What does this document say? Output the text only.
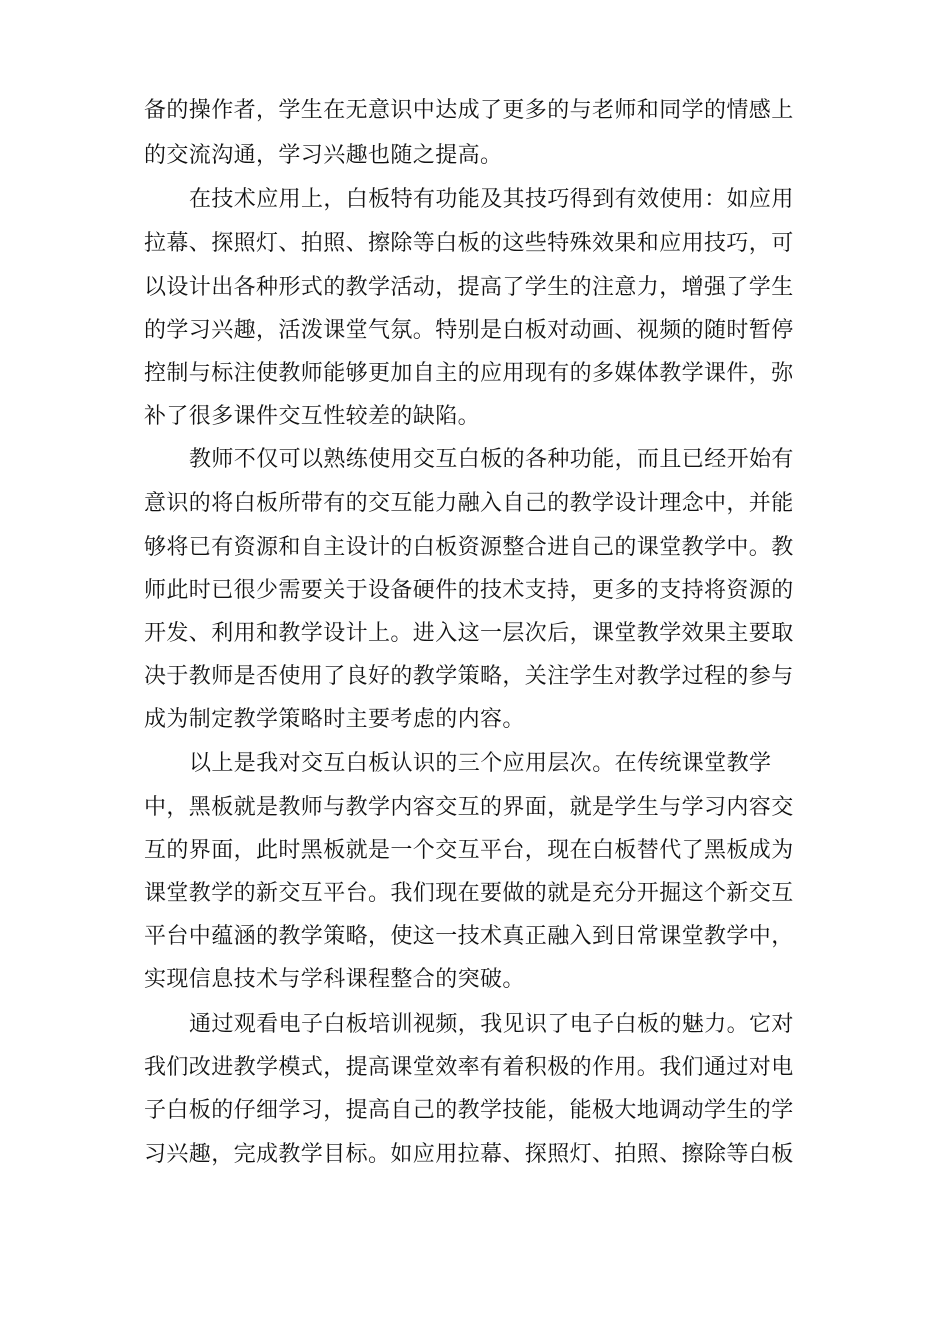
备的操作者，学生在无意识中达成了更多的与老师和同学的情感上
的交流沟通，学习兴趣也随之提高。
在技术应用上，白板特有功能及其技巧得到有效使用：如应用
拉幕、探照灯、拍照、擦除等白板的这些特殊效果和应用技巧，可
以设计出各种形式的教学活动，提高了学生的注意力，增强了学生
的学习兴趣，活泼课堂气氛。特别是白板对动画、视频的随时暂停
控制与标注使教师能够更加自主的应用现有的多媒体教学课件，弥
补了很多课件交互性较差的缺陷。
教师不仅可以熟练使用交互白板的各种功能，而且已经开始有
意识的将白板所带有的交互能力融入自己的教学设计理念中，并能
够将已有资源和自主设计的白板资源整合进自己的课堂教学中。教
师此时已很少需要关于设备硬件的技术支持，更多的支持将资源的
开发、利用和教学设计上。进入这一层次后，课堂教学效果主要取
决于教师是否使用了良好的教学策略，关注学生对教学过程的参与
成为制定教学策略时主要考虑的内容。
以上是我对交互白板认识的三个应用层次。在传统课堂教学
中，黑板就是教师与教学内容交互的界面，就是学生与学习内容交
互的界面，此时黑板就是一个交互平台，现在白板替代了黑板成为
课堂教学的新交互平台。我们现在要做的就是充分开掘这个新交互
平台中蕴涵的教学策略，使这一技术真正融入到日常课堂教学中，
实现信息技术与学科课程整合的突破。
通过观看电子白板培训视频，我见识了电子白板的魅力。它对
我们改进教学模式，提高课堂效率有着积极的作用。我们通过对电
子白板的仔细学习，提高自己的教学技能，能极大地调动学生的学
习兴趣，完成教学目标。如应用拉幕、探照灯、拍照、擦除等白板
